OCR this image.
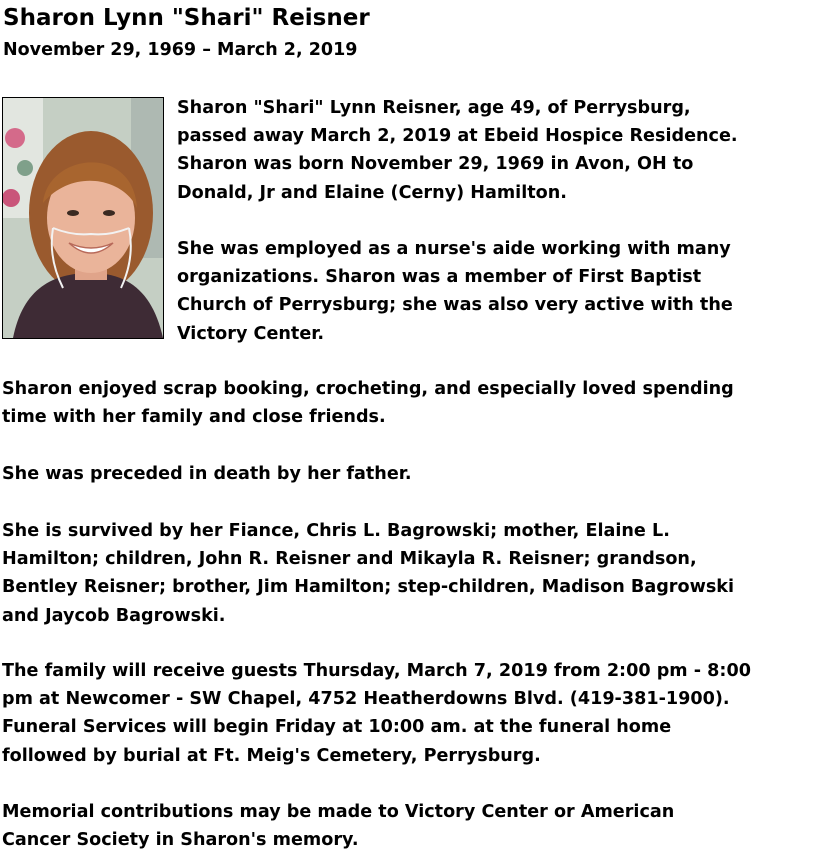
Sharon Lynn "Shari" Reisner
November 29, 1969 – March 2, 2019

Sharon "Shari" Lynn Reisner, age 49, of Perrysburg,

passed away March 2, 2019 at Ebeid Hospice Residence.

Sharon was born November 29, 1969 in Avon, OH to

Donald, Jr and Elaine (Cerny) Hamilton.

She was employed as a nurse's aide working with many

organizations. Sharon was a member of First Baptist

Church of Perrysburg; she was also very active with the

Victory Center.

Sharon enjoyed scrap booking, crocheting, and especially loved spending

time with her family and close friends.

She was preceded in death by her father.

She is survived by her Fiance, Chris L. Bagrowski; mother, Elaine L.

Hamilton; children, John R. Reisner and Mikayla R. Reisner; grandson,

Bentley Reisner; brother, Jim Hamilton; step-children, Madison Bagrowski

and Jaycob Bagrowski.

The family will receive guests Thursday, March 7, 2019 from 2:00 pm - 8:00

pm at Newcomer - SW Chapel, 4752 Heatherdowns Blvd. (419-381-1900).

Funeral Services will begin Friday at 10:00 am. at the funeral home

followed by burial at Ft. Meig's Cemetery, Perrysburg.

Memorial contributions may be made to Victory Center or American

Cancer Society in Sharon's memory.
